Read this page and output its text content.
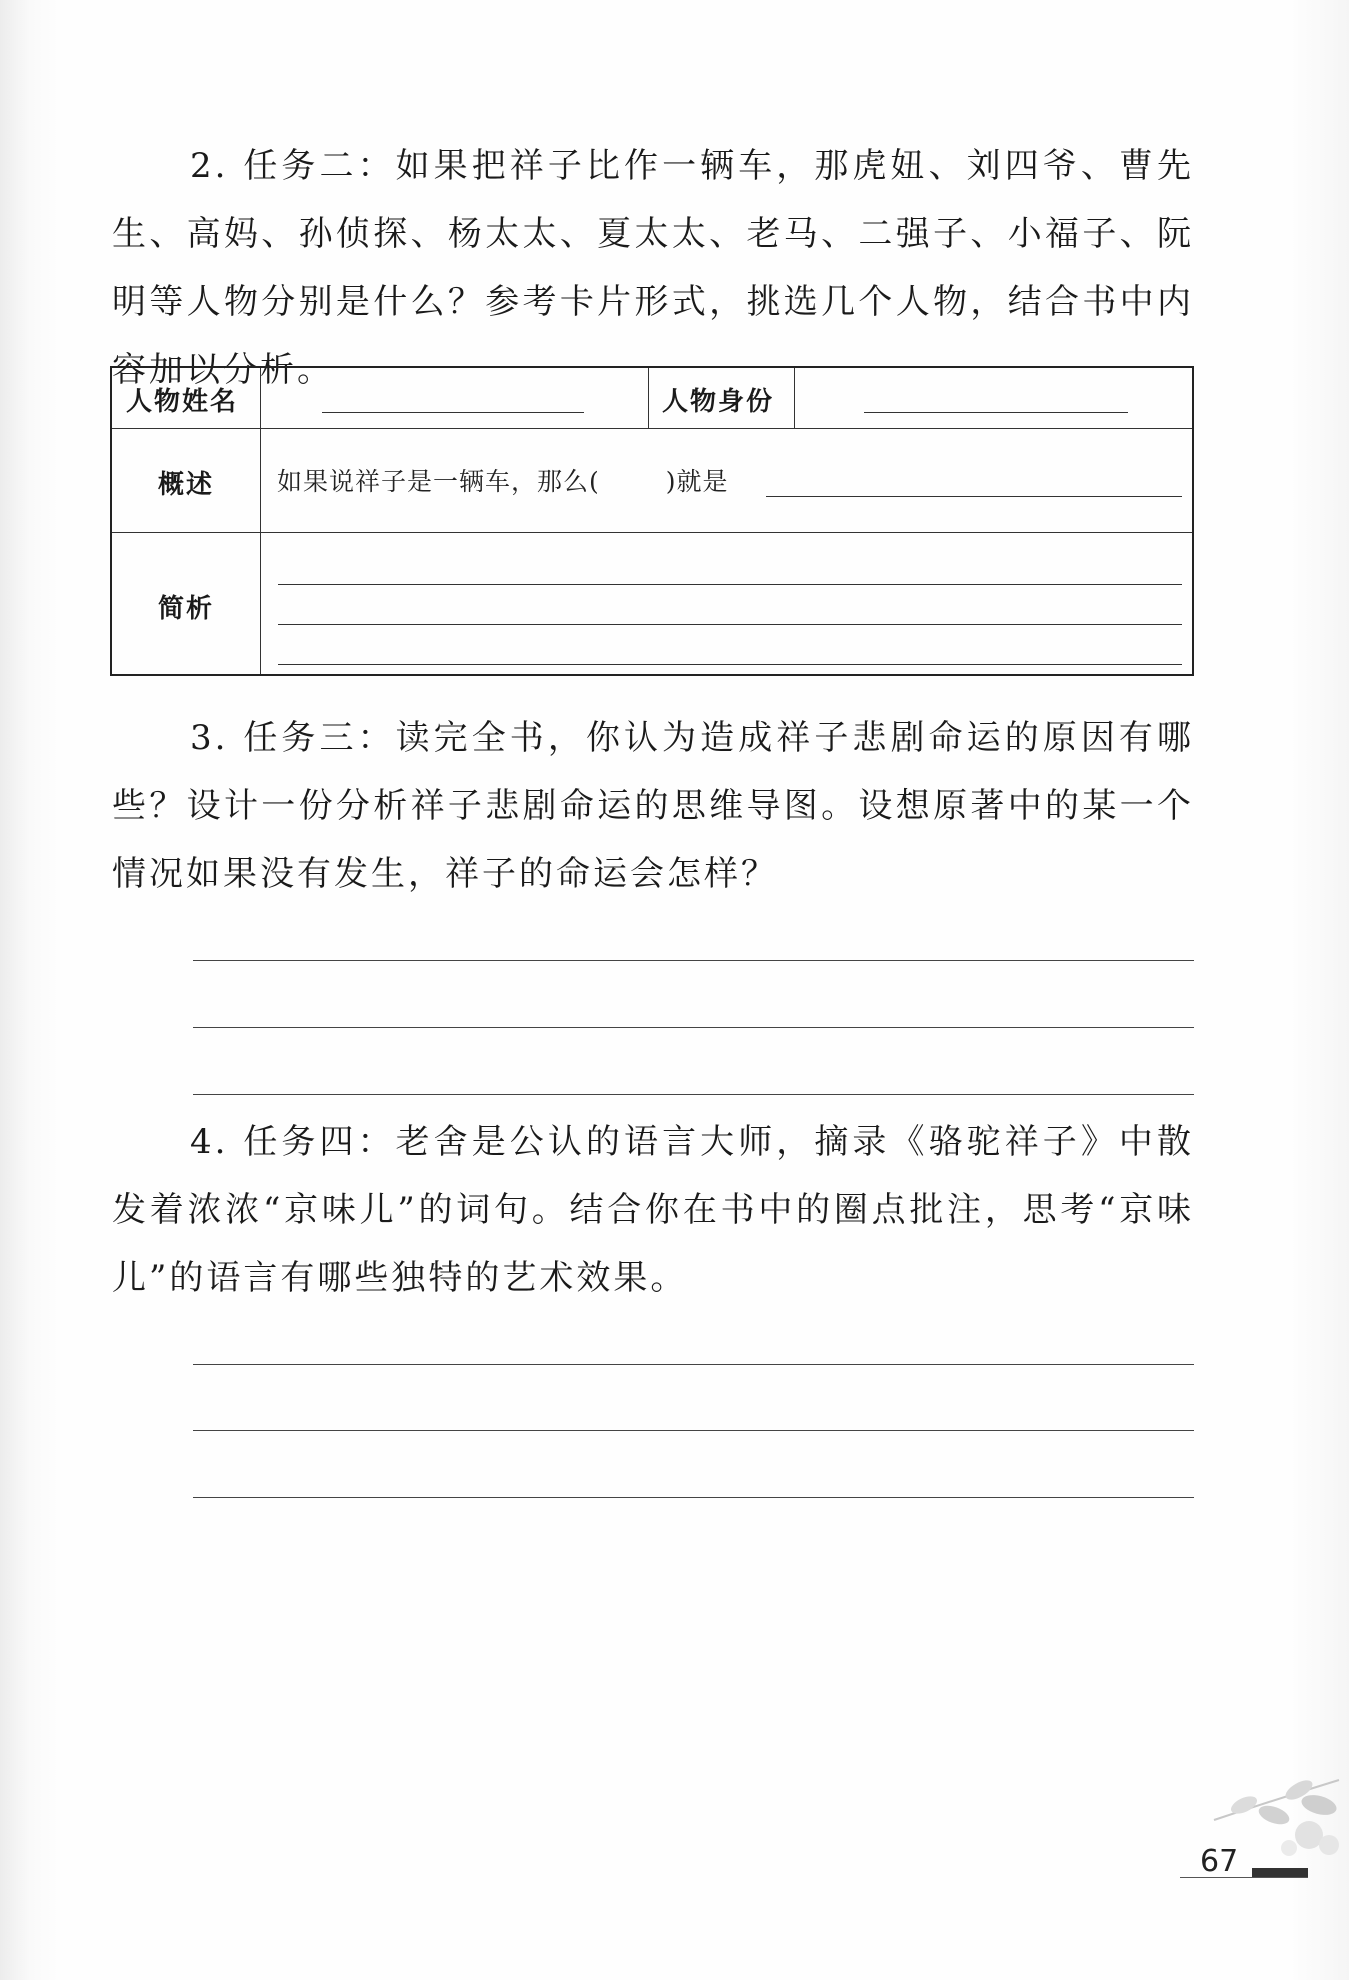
2. 任务二：如果把祥子比作一辆车，那虎妞、刘四爷、曹先生、高妈、孙侦探、杨太太、夏太太、老马、二强子、小福子、阮明等人物分别是什么？参考卡片形式，挑选几个人物，结合书中内容加以分析。
人物姓名	人物身份
概述	如果说祥子是一辆车，那么(	)就是
简析
3. 任务三：读完全书，你认为造成祥子悲剧命运的原因有哪些？设计一份分析祥子悲剧命运的思维导图。设想原著中的某一个情况如果没有发生，祥子的命运会怎样？
4. 任务四：老舍是公认的语言大师，摘录《骆驼祥子》中散发着浓浓“京味儿”的词句。结合你在书中的圈点批注，思考“京味儿”的语言有哪些独特的艺术效果。
67
